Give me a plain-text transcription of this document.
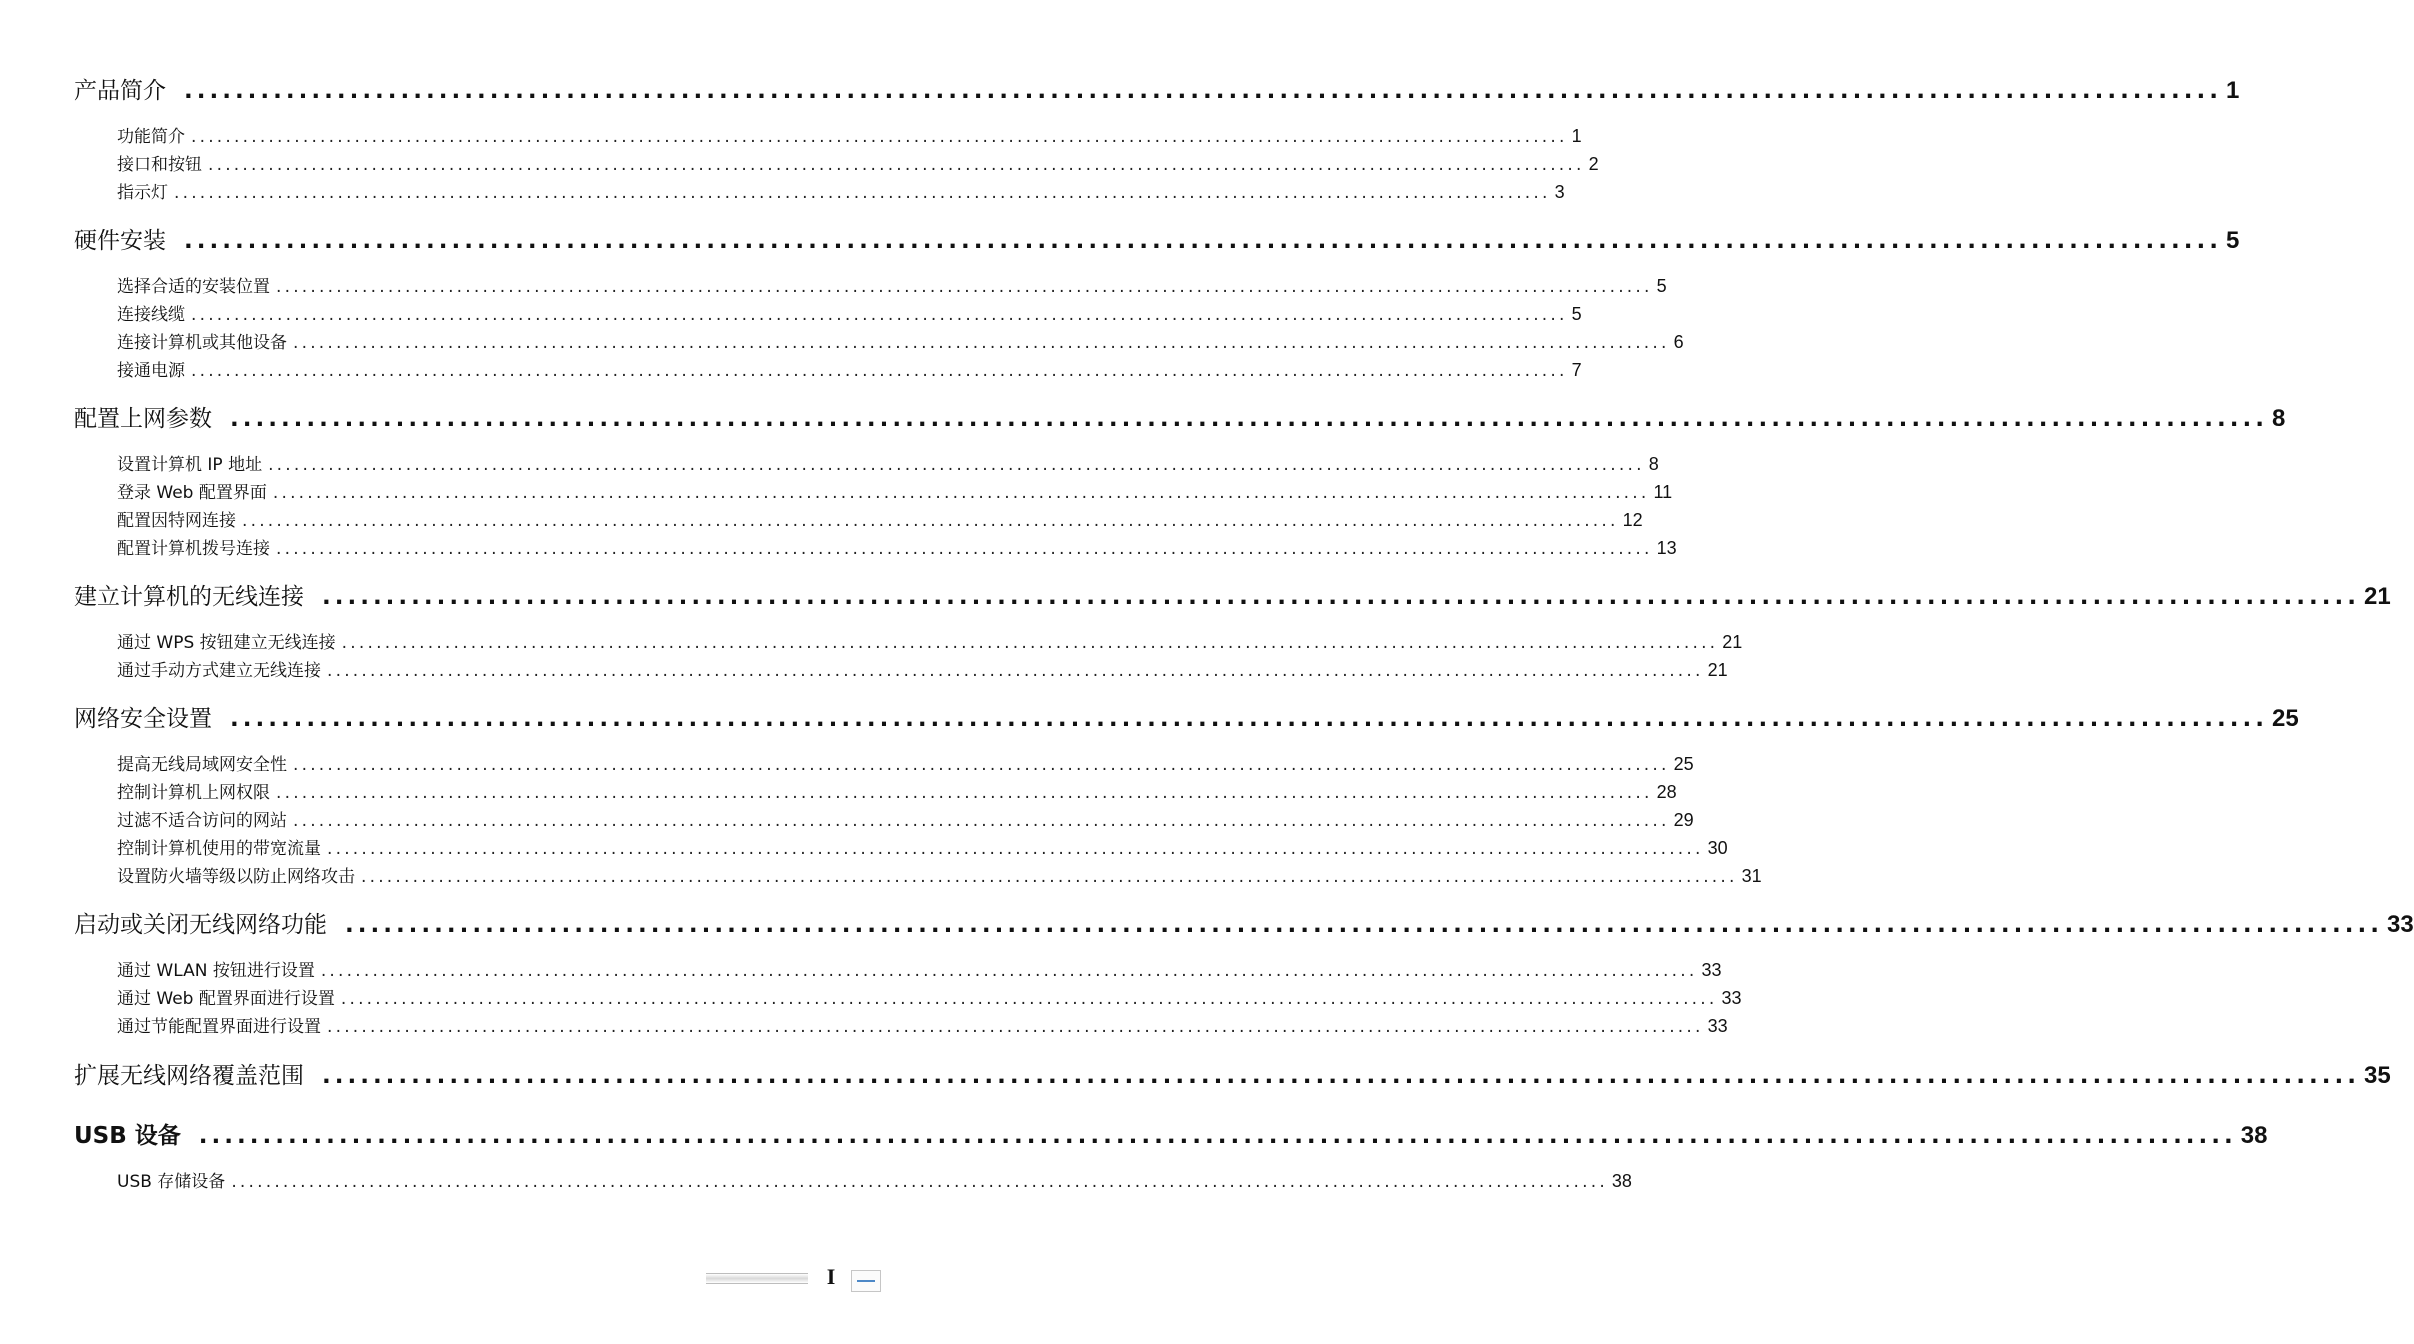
产品简介 ................................................................................................................................................................ 1
功能简介 ................................................................................................................................................................ 1
接口和按钮 ................................................................................................................................................................ 2
指示灯 ................................................................................................................................................................ 3
硬件安装 ................................................................................................................................................................ 5
选择合适的安装位置 ................................................................................................................................................................ 5
连接线缆 ................................................................................................................................................................ 5
连接计算机或其他设备 ................................................................................................................................................................ 6
接通电源 ................................................................................................................................................................ 7
配置上网参数 ................................................................................................................................................................ 8
设置计算机 IP 地址 ................................................................................................................................................................ 8
登录 Web 配置界面 ................................................................................................................................................................ 11
配置因特网连接 ................................................................................................................................................................ 12
配置计算机拨号连接 ................................................................................................................................................................ 13
建立计算机的无线连接 ................................................................................................................................................................ 21
通过 WPS 按钮建立无线连接 ................................................................................................................................................................ 21
通过手动方式建立无线连接 ................................................................................................................................................................ 21
网络安全设置 ................................................................................................................................................................ 25
提高无线局域网安全性 ................................................................................................................................................................ 25
控制计算机上网权限 ................................................................................................................................................................ 28
过滤不适合访问的网站 ................................................................................................................................................................ 29
控制计算机使用的带宽流量 ................................................................................................................................................................ 30
设置防火墙等级以防止网络攻击 ................................................................................................................................................................ 31
启动或关闭无线网络功能 ................................................................................................................................................................ 33
通过 WLAN 按钮进行设置 ................................................................................................................................................................ 33
通过 Web 配置界面进行设置 ................................................................................................................................................................ 33
通过节能配置界面进行设置 ................................................................................................................................................................ 33
扩展无线网络覆盖范围 ................................................................................................................................................................ 35
USB 设备 ................................................................................................................................................................ 38
USB 存储设备 ................................................................................................................................................................ 38
I
